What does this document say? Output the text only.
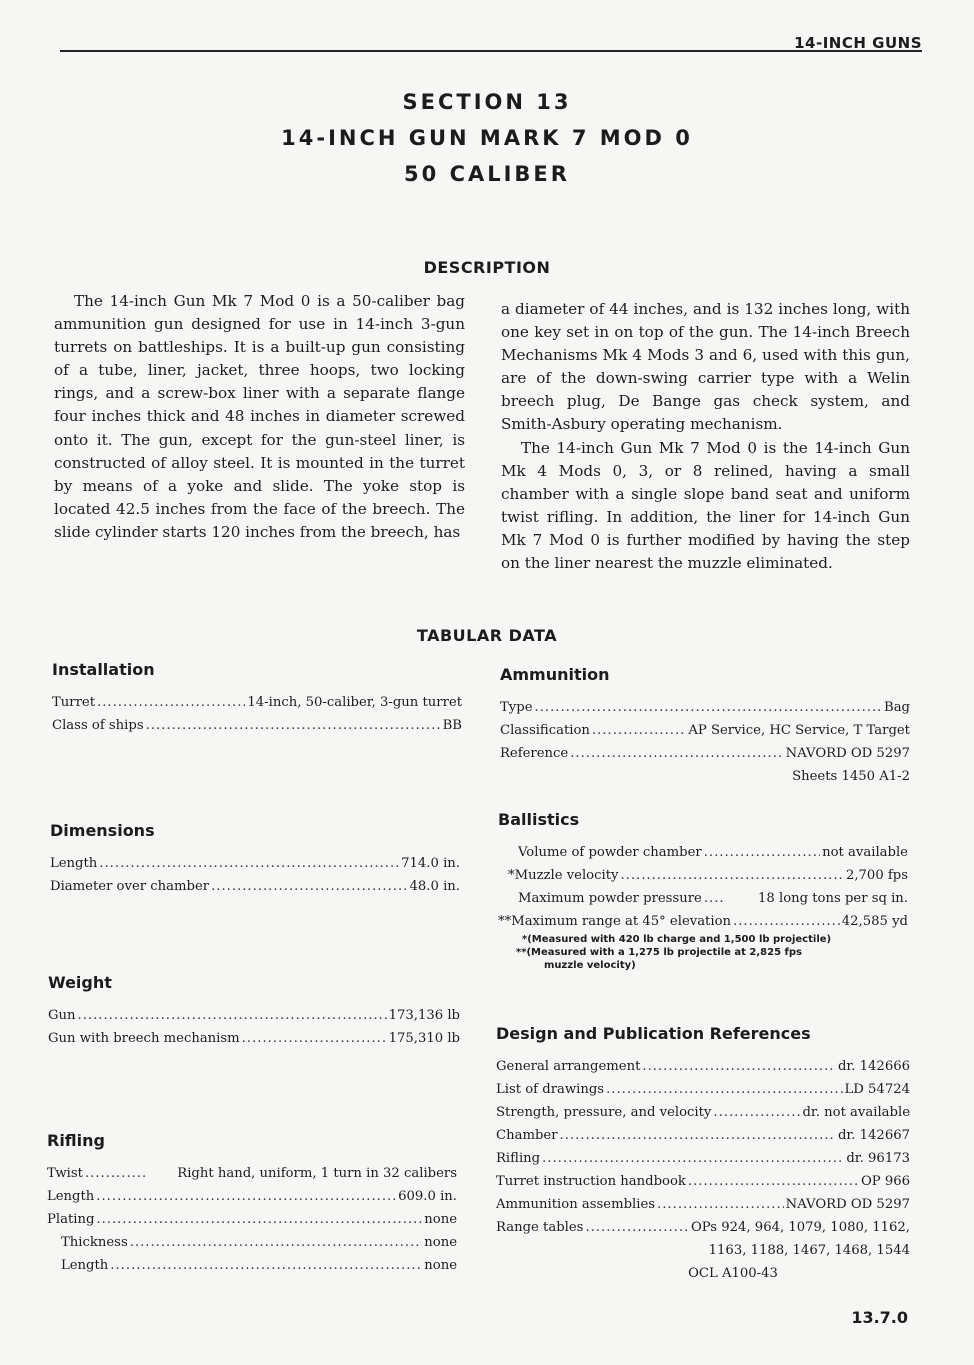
14-INCH GUNS
SECTION 13
14-INCH GUN MARK 7 MOD 0
50 CALIBER
DESCRIPTION

The 14-inch Gun Mk 7 Mod 0 is a 50-caliber bag ammunition gun designed for use in 14-inch 3-gun turrets on battleships. It is a built-up gun consisting of a tube, liner, jacket, three hoops, two locking rings, and a screw-box liner with a separate flange four inches thick and 48 inches in diameter screwed onto it. The gun, except for the gun-steel liner, is constructed of alloy steel. It is mounted in the turret by means of a yoke and slide. The yoke stop is located 42.5 inches from the face of the breech. The slide cylinder starts 120 inches from the breech, has

a diameter of 44 inches, and is 132 inches long, with one key set in on top of the gun. The 14-inch Breech Mechanisms Mk 4 Mods 3 and 6, used with this gun, are of the down-swing carrier type with a Welin breech plug, De Bange gas check system, and Smith-Asbury operating mechanism.

The 14-inch Gun Mk 7 Mod 0 is the 14-inch Gun Mk 4 Mods 0, 3, or 8 relined, having a small chamber with a single slope band seat and uniform twist rifling. In addition, the liner for 14-inch Gun Mk 7 Mod 0 is further modified by having the step on the liner nearest the muzzle eliminated.

TABULAR DATA
Installation
Turret .....	14-inch, 50-caliber, 3-gun turret
Class of ships .....	BB
Dimensions
Length .....	714.0 in.
Diameter over chamber .....	48.0 in.
Weight
Gun .....	173,136 lb
Gun with breech mechanism .....	175,310 lb
Rifling
Twist .....	Right hand, uniform, 1 turn in 32 calibers
Length .....	609.0 in.
Plating .....	none
Thickness .....	none
Length .....	none
Ammunition
Type .....	Bag
Classification .....	AP Service, HC Service, T Target
Reference .....	NAVORD OD 5297
Sheets 1450 A1-2
Ballistics
Volume of powder chamber .....	not available
*Muzzle velocity .....	2,700 fps
Maximum powder pressure .....	18 long tons per sq in.
**Maximum range at 45° elevation .....	42,585 yd
*(Measured with 420 lb charge and 1,500 lb projectile)
**(Measured with a 1,275 lb projectile at 2,825 fps
muzzle velocity)
Design and Publication References
General arrangement .....	dr. 142666
List of drawings .....	LD 54724
Strength, pressure, and velocity .....	dr. not available
Chamber .....	dr. 142667
Rifling .....	dr. 96173
Turret instruction handbook .....	OP 966
Ammunition assemblies .....	NAVORD OD 5297
Range tables .....	OPs 924, 964, 1079, 1080, 1162,
1163, 1188, 1467, 1468, 1544
OCL A100-43
13.7.0
